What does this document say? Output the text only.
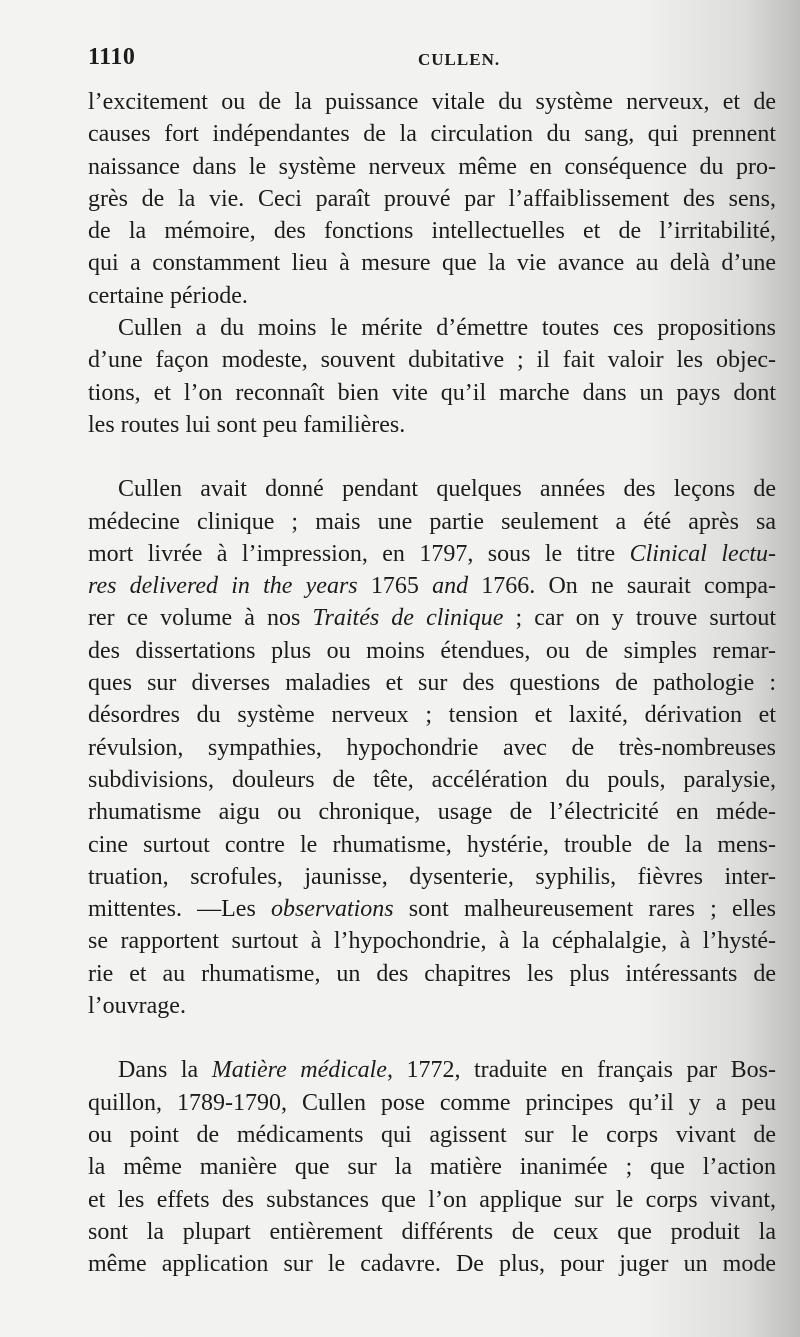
1110	CULLEN.
l’excitement ou de la puissance vitale du système nerveux, et de
causes fort indépendantes de la circulation du sang, qui prennent
naissance dans le système nerveux même en conséquence du pro-
grès de la vie. Ceci paraît prouvé par l’affaiblissement des sens,
de la mémoire, des fonctions intellectuelles et de l’irritabilité,
qui a constamment lieu à mesure que la vie avance au delà d’une
certaine période.
Cullen a du moins le mérite d’émettre toutes ces propositions
d’une façon modeste, souvent dubitative ; il fait valoir les objec-
tions, et l’on reconnaît bien vite qu’il marche dans un pays dont
les routes lui sont peu familières.
Cullen avait donné pendant quelques années des leçons de
médecine clinique ; mais une partie seulement a été après sa
mort livrée à l’impression, en 1797, sous le titre Clinical lectu-
res delivered in the years 1765 and 1766. On ne saurait compa-
rer ce volume à nos Traités de clinique ; car on y trouve surtout
des dissertations plus ou moins étendues, ou de simples remar-
ques sur diverses maladies et sur des questions de pathologie :
désordres du système nerveux ; tension et laxité, dérivation et
révulsion, sympathies, hypochondrie avec de très-nombreuses
subdivisions, douleurs de tête, accélération du pouls, paralysie,
rhumatisme aigu ou chronique, usage de l’électricité en méde-
cine surtout contre le rhumatisme, hystérie, trouble de la mens-
truation, scrofules, jaunisse, dysenterie, syphilis, fièvres inter-
mittentes. —Les observations sont malheureusement rares ; elles
se rapportent surtout à l’hypochondrie, à la céphalalgie, à l’hysté-
rie et au rhumatisme, un des chapitres les plus intéressants de
l’ouvrage.
Dans la Matière médicale, 1772, traduite en français par Bos-
quillon, 1789-1790, Cullen pose comme principes qu’il y a peu
ou point de médicaments qui agissent sur le corps vivant de
la même manière que sur la matière inanimée ; que l’action
et les effets des substances que l’on applique sur le corps vivant,
sont la plupart entièrement différents de ceux que produit la
même application sur le cadavre. De plus, pour juger un mode
